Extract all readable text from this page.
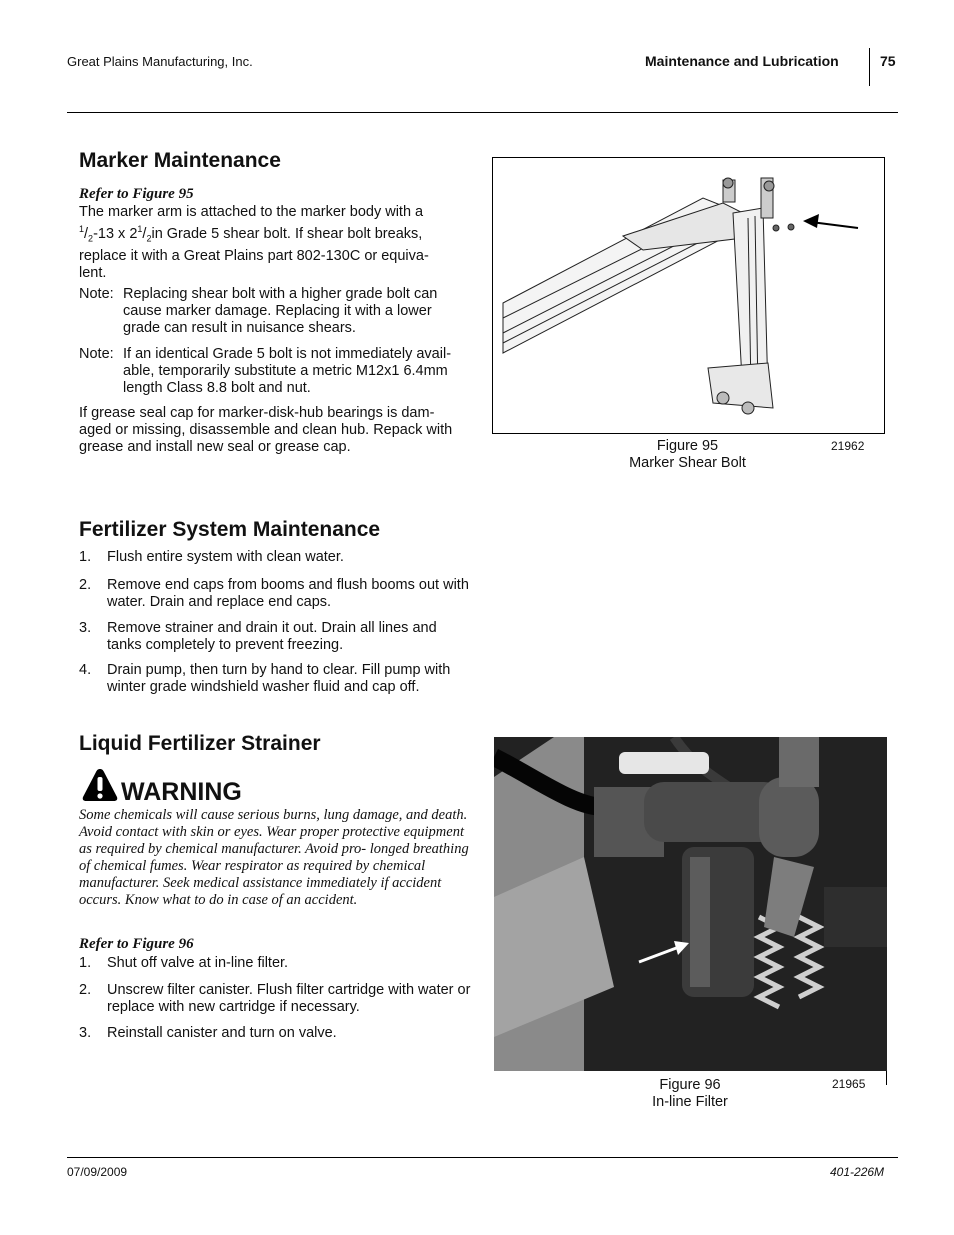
Great Plains Manufacturing, Inc.	Maintenance and Lubrication	75
Marker Maintenance
Refer to Figure 95
The marker arm is attached to the marker body with a
$^1/_2-13$ x $2^1/_2in$ Grade 5 shear bolt. If shear bolt breaks,
replace it with a Great Plains part 802-130C or equiva-
lent.
Note: Replacing shear bolt with a higher grade bolt can cause marker damage. Replacing it with a lower grade can result in nuisance shears.
Note: If an identical Grade 5 bolt is not immediately avail- able, temporarily substitute a metric M12x1 6.4mm length Class 8.8 bolt and nut.
If grease seal cap for marker-disk-hub bearings is dam- aged or missing, disassemble and clean hub. Repack with grease and install new seal or grease cap.	Figure 95
Marker Shear Bolt
21962
Fertilizer System Maintenance
1.	Flush entire system with clean water.
2.	Remove end caps from booms and flush booms out with water. Drain and replace end caps.
3.	Remove strainer and drain it out. Drain all lines and tanks completely to prevent freezing.
4.	Drain pump, then turn by hand to clear. Fill pump with winter grade windshield washer fluid and cap off.
Liquid Fertilizer Strainer
WARNING
Some chemicals will cause serious burns, lung damage, and death. Avoid contact with skin or eyes. Wear proper protective equipment as required by chemical manufacturer. Avoid pro- longed breathing of chemical fumes. Wear respirator as required by chemical manufacturer. Seek medical assistance immediately if accident occurs. Know what to do in case of an accident.
Refer to Figure 96
1.	Shut off valve at in-line filter.
2.	Unscrew filter canister. Flush filter cartridge with water or replace with new cartridge if necessary.
3.	Reinstall canister and turn on valve.
Figure 96
In-line Filter
21965
07/09/2009	401-226M
